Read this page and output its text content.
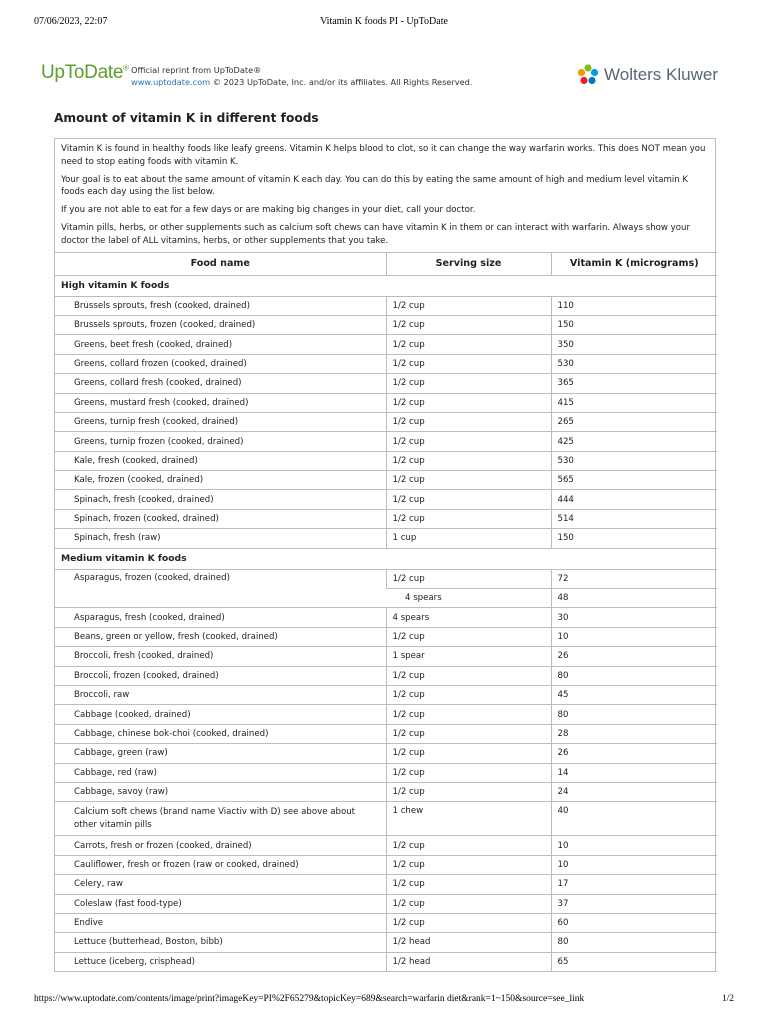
07/06/2023, 22:07	Vitamin K foods PI - UpToDate
UpToDate® Official reprint from UpToDate®
www.uptodate.com © 2023 UpToDate, Inc. and/or its affiliates. All Rights Reserved.	Wolters Kluwer
Amount of vitamin K in different foods

Vitamin K is found in healthy foods like leafy greens. Vitamin K helps blood to clot, so it can change the way warfarin works. This does NOT mean you need to stop eating foods with vitamin K.

Your goal is to eat about the same amount of vitamin K each day. You can do this by eating the same amount of high and medium level vitamin K foods each day using the list below.

If you are not able to eat for a few days or are making big changes in your diet, call your doctor.

Vitamin pills, herbs, or other supplements such as calcium soft chews can have vitamin K in them or can interact with warfarin. Always show your doctor the label of ALL vitamins, herbs, or other supplements that you take.

Food name	Serving size	Vitamin K (micrograms)
High vitamin K foods		
Brussels sprouts, fresh (cooked, drained)	1/2 cup	110
Brussels sprouts, frozen (cooked, drained)	1/2 cup	150
Greens, beet fresh (cooked, drained)	1/2 cup	350
Greens, collard frozen (cooked, drained)	1/2 cup	530
Greens, collard fresh (cooked, drained)	1/2 cup	365
Greens, mustard fresh (cooked, drained)	1/2 cup	415
Greens, turnip fresh (cooked, drained)	1/2 cup	265
Greens, turnip frozen (cooked, drained)	1/2 cup	425
Kale, fresh (cooked, drained)	1/2 cup	530
Kale, frozen (cooked, drained)	1/2 cup	565
Spinach, fresh (cooked, drained)	1/2 cup	444
Spinach, frozen (cooked, drained)	1/2 cup	514
Spinach, fresh (raw)	1 cup	150
Medium vitamin K foods		
Asparagus, frozen (cooked, drained)	1/2 cup	72
	4 spears	48
Asparagus, fresh (cooked, drained)	4 spears	30
Beans, green or yellow, fresh (cooked, drained)	1/2 cup	10
Broccoli, fresh (cooked, drained)	1 spear	26
Broccoli, frozen (cooked, drained)	1/2 cup	80
Broccoli, raw	1/2 cup	45
Cabbage (cooked, drained)	1/2 cup	80
Cabbage, chinese bok-choi (cooked, drained)	1/2 cup	28
Cabbage, green (raw)	1/2 cup	26
Cabbage, red (raw)	1/2 cup	14
Cabbage, savoy (raw)	1/2 cup	24
Calcium soft chews (brand name Viactiv with D) see above about other vitamin pills	1 chew	40
Carrots, fresh or frozen (cooked, drained)	1/2 cup	10
Cauliflower, fresh or frozen (raw or cooked, drained)	1/2 cup	10
Celery, raw	1/2 cup	17
Coleslaw (fast food-type)	1/2 cup	37
Endive	1/2 cup	60
Lettuce (butterhead, Boston, bibb)	1/2 head	80
Lettuce (iceberg, crisphead)	1/2 head	65
https://www.uptodate.com/contents/image/print?imageKey=PI%2F65279&topicKey=689&search=warfarin diet&rank=1~150&source=see_link	1/2
